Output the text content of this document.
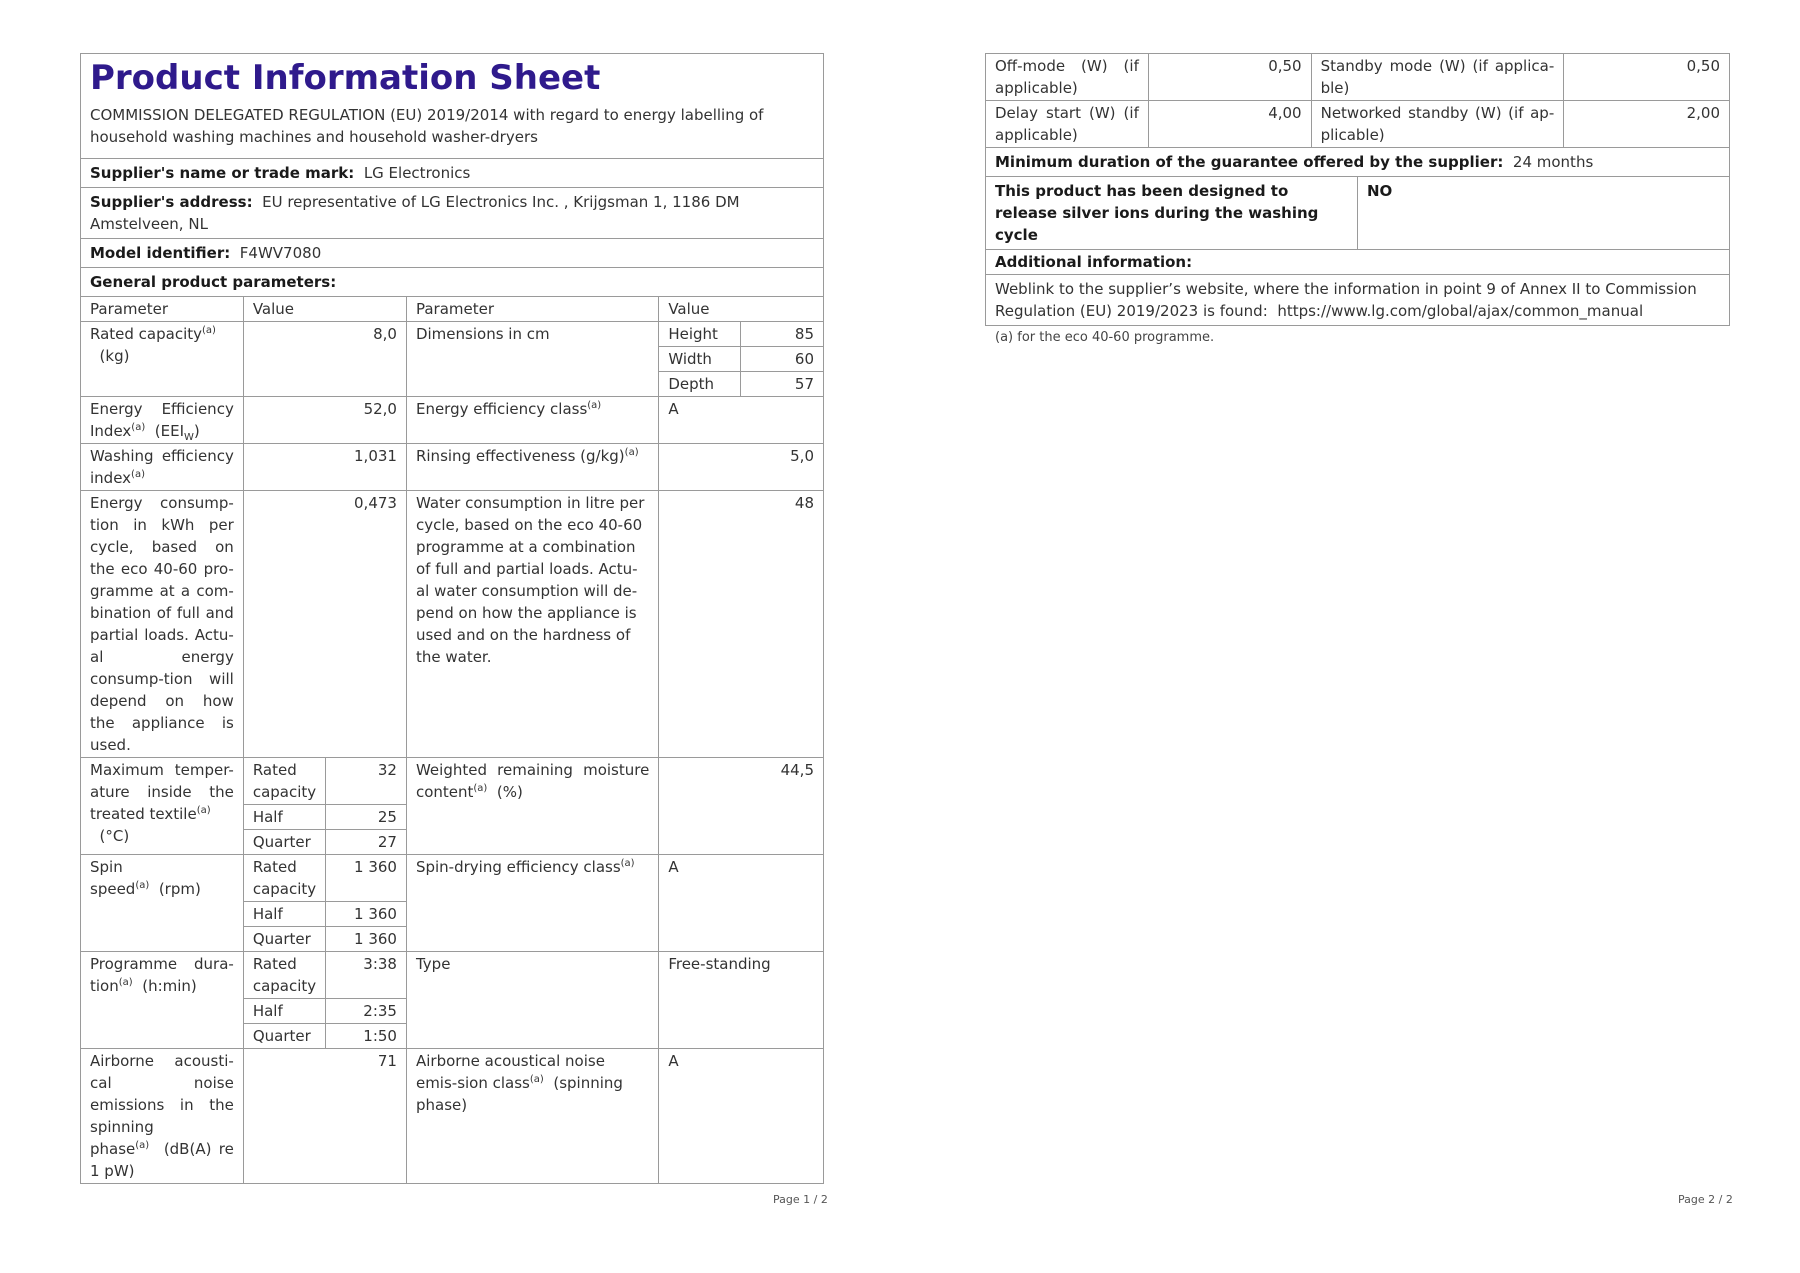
Product Information Sheet
COMMISSION DELEGATED REGULATION (EU) 2019/2014 with regard to energy labelling of household washing machines and household washer-dryers

Supplier's name or trade mark: LG Electronics
Supplier's address: EU representative of LG Electronics Inc. , Krijgsman 1, 1186 DM Amstelveen, NL
Model identifier: F4WV7080
General product parameters:
Parameter	Value		Parameter	Value	
Rated capacity$^{(a)}$
(kg)	8,0		Dimensions in cm	Height	85
				Width	60
				Depth	57
Energy Efficiency Index$^{(a)}$ $(EEI_W)$	52,0		Energy efficiency class$^{(a)}$	A	
Washing efficiency index$^{(a)}$	1,031		Rinsing effectiveness $(g/kg)^{(a)}$	5,0	
Energy consump-tion in kWh per cycle, based on the eco 40-60 pro-gramme at a com-bination of full and partial loads. Actu-al energy consump-tion will depend on how the appliance is used.	0,473		Water consumption in litre per cycle, based on the eco 40-60 programme at a combination of full and partial loads. Actu-al water consumption will de-pend on how the appliance is used and on the hardness of the water.	48	
Maximum temper-ature inside the treated textile$^{(a)}$
(°C)	Rated capacity	32	Weighted remaining moisture content$^{(a)}$ (%)	44,5	
	Half	25			
	Quarter	27			
Spin speed$^{(a)}$ (rpm)	Rated capacity	1 360	Spin-drying efficiency class$^{(a)}$	A	
	Half	1 360			
	Quarter	1 360			
Programme dura-tion$^{(a)}$ (h:min)	Rated capacity	3:38	Type	Free-standing	
	Half	2:35			
	Quarter	1:50			
Airborne acousti-cal noise emissions in the spinning phase$^{(a)}$ (dB(A) re 1 pW)	71		Airborne acoustical noise emis-sion class$^{(a)}$ (spinning phase)	A	
Page 1 / 2
Off-mode (W) (if applicable)	0,50	Standby mode (W) (if applica-ble)	0,50
Delay start (W) (if applicable)	4,00	Networked standby (W) (if ap-plicable)	2,00
Minimum duration of the guarantee offered by the supplier: 24 months
This product has been designed to release silver ions during the washing cycle	NO
Additional information:
Weblink to the supplier’s website, where the information in point 9 of Annex II to Commission Regulation (EU) 2019/2023 is found: https://www.lg.com/global/ajax/common_manual
(a) for the eco 40-60 programme.
Page 2 / 2
